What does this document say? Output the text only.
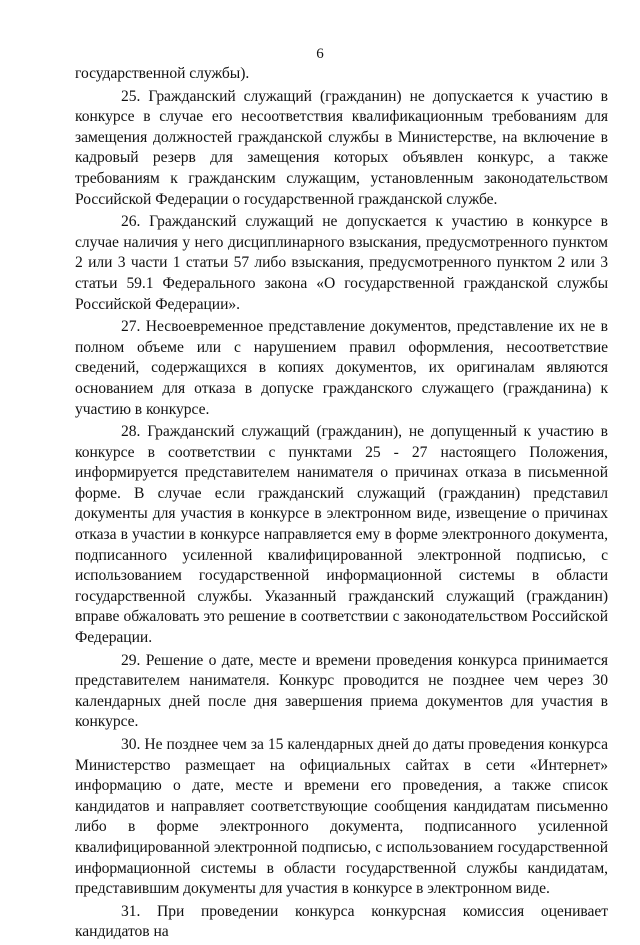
6

государственной службы).

25. Гражданский служащий (гражданин) не допускается к участию в конкурсе в случае его несоответствия квалификационным требованиям для замещения должностей гражданской службы в Министерстве, на включение в кадровый резерв для замещения которых объявлен конкурс, а также требованиям к гражданским служащим, установленным законодательством Российской Федерации о государственной гражданской службе.

26. Гражданский служащий не допускается к участию в конкурсе в случае наличия у него дисциплинарного взыскания, предусмотренного пунктом 2 или 3 части 1 статьи 57 либо взыскания, предусмотренного пунктом 2 или 3 статьи 59.1 Федерального закона «О государственной гражданской службы Российской Федерации».

27. Несвоевременное представление документов, представление их не в полном объеме или с нарушением правил оформления, несоответствие сведений, содержащихся в копиях документов, их оригиналам являются основанием для отказа в допуске гражданского служащего (гражданина) к участию в конкурсе.

28. Гражданский служащий (гражданин), не допущенный к участию в конкурсе в соответствии с пунктами 25 - 27 настоящего Положения, информируется представителем нанимателя о причинах отказа в письменной форме. В случае если гражданский служащий (гражданин) представил документы для участия в конкурсе в электронном виде, извещение о причинах отказа в участии в конкурсе направляется ему в форме электронного документа, подписанного усиленной квалифицированной электронной подписью, с использованием государственной информационной системы в области государственной службы. Указанный гражданский служащий (гражданин) вправе обжаловать это решение в соответствии с законодательством Российской Федерации.

29. Решение о дате, месте и времени проведения конкурса принимается представителем нанимателя. Конкурс проводится не позднее чем через 30 календарных дней после дня завершения приема документов для участия в конкурсе.

30. Не позднее чем за 15 календарных дней до даты проведения конкурса Министерство размещает на официальных сайтах в сети «Интернет» информацию о дате, месте и времени его проведения, а также список кандидатов и направляет соответствующие сообщения кандидатам письменно либо в форме электронного документа, подписанного усиленной квалифицированной электронной подписью, с использованием государственной информационной системы в области государственной службы кандидатам, представившим документы для участия в конкурсе в электронном виде.

31. При проведении конкурса конкурсная комиссия оценивает кандидатов на
